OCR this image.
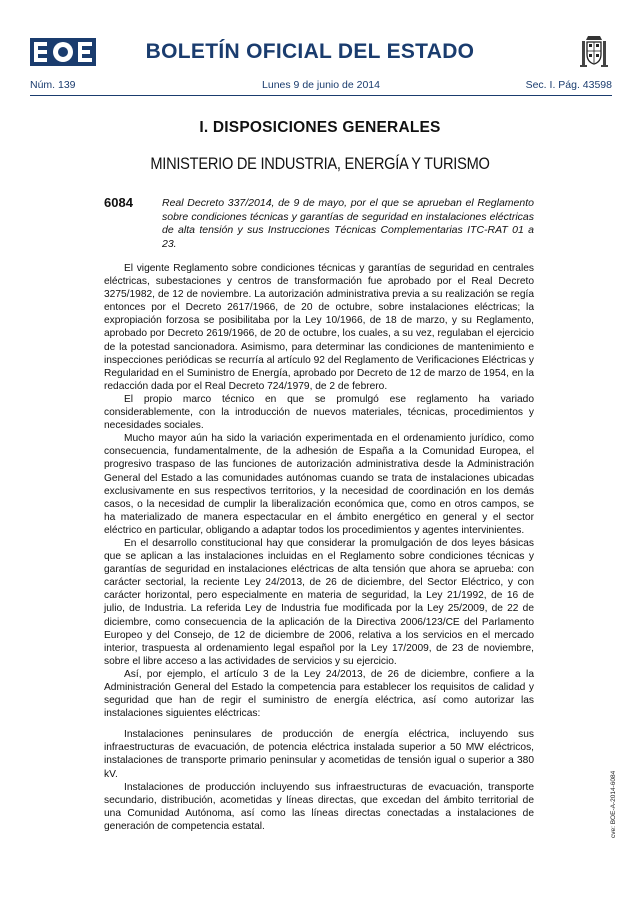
BOLETÍN OFICIAL DEL ESTADO
Núm. 139	Lunes 9 de junio de 2014	Sec. I. Pág. 43598
I. DISPOSICIONES GENERALES
MINISTERIO DE INDUSTRIA, ENERGÍA Y TURISMO
6084	Real Decreto 337/2014, de 9 de mayo, por el que se aprueban el Reglamento sobre condiciones técnicas y garantías de seguridad en instalaciones eléctricas de alta tensión y sus Instrucciones Técnicas Complementarias ITC-RAT 01 a 23.

El vigente Reglamento sobre condiciones técnicas y garantías de seguridad en centrales eléctricas, subestaciones y centros de transformación fue aprobado por el Real Decreto 3275/1982, de 12 de noviembre. La autorización administrativa previa a su realización se regía entonces por el Decreto 2617/1966, de 20 de octubre, sobre instalaciones eléctricas; la expropiación forzosa se posibilitaba por la Ley 10/1966, de 18 de marzo, y su Reglamento, aprobado por Decreto 2619/1966, de 20 de octubre, los cuales, a su vez, regulaban el ejercicio de la potestad sancionadora. Asimismo, para determinar las condiciones de mantenimiento e inspecciones periódicas se recurría al artículo 92 del Reglamento de Verificaciones Eléctricas y Regularidad en el Suministro de Energía, aprobado por Decreto de 12 de marzo de 1954, en la redacción dada por el Real Decreto 724/1979, de 2 de febrero.

El propio marco técnico en que se promulgó ese reglamento ha variado considerablemente, con la introducción de nuevos materiales, técnicas, procedimientos y necesidades sociales.

Mucho mayor aún ha sido la variación experimentada en el ordenamiento jurídico, como consecuencia, fundamentalmente, de la adhesión de España a la Comunidad Europea, el progresivo traspaso de las funciones de autorización administrativa desde la Administración General del Estado a las comunidades autónomas cuando se trata de instalaciones ubicadas exclusivamente en sus respectivos territorios, y la necesidad de coordinación en los demás casos, o la necesidad de cumplir la liberalización económica que, como en otros campos, se ha materializado de manera espectacular en el ámbito energético en general y el sector eléctrico en particular, obligando a adaptar todos los procedimientos y agentes intervinientes.

En el desarrollo constitucional hay que considerar la promulgación de dos leyes básicas que se aplican a las instalaciones incluidas en el Reglamento sobre condiciones técnicas y garantías de seguridad en instalaciones eléctricas de alta tensión que ahora se aprueba: con carácter sectorial, la reciente Ley 24/2013, de 26 de diciembre, del Sector Eléctrico, y con carácter horizontal, pero especialmente en materia de seguridad, la Ley 21/1992, de 16 de julio, de Industria. La referida Ley de Industria fue modificada por la Ley 25/2009, de 22 de diciembre, como consecuencia de la aplicación de la Directiva 2006/123/CE del Parlamento Europeo y del Consejo, de 12 de diciembre de 2006, relativa a los servicios en el mercado interior, traspuesta al ordenamiento legal español por la Ley 17/2009, de 23 de noviembre, sobre el libre acceso a las actividades de servicios y su ejercicio.

Así, por ejemplo, el artículo 3 de la Ley 24/2013, de 26 de diciembre, confiere a la Administración General del Estado la competencia para establecer los requisitos de calidad y seguridad que han de regir el suministro de energía eléctrica, así como autorizar las instalaciones siguientes eléctricas:

Instalaciones peninsulares de producción de energía eléctrica, incluyendo sus infraestructuras de evacuación, de potencia eléctrica instalada superior a 50 MW eléctricos, instalaciones de transporte primario peninsular y acometidas de tensión igual o superior a 380 kV.

Instalaciones de producción incluyendo sus infraestructuras de evacuación, transporte secundario, distribución, acometidas y líneas directas, que excedan del ámbito territorial de una Comunidad Autónoma, así como las líneas directas conectadas a instalaciones de generación de competencia estatal.	cve: BOE-A-2014-6084
